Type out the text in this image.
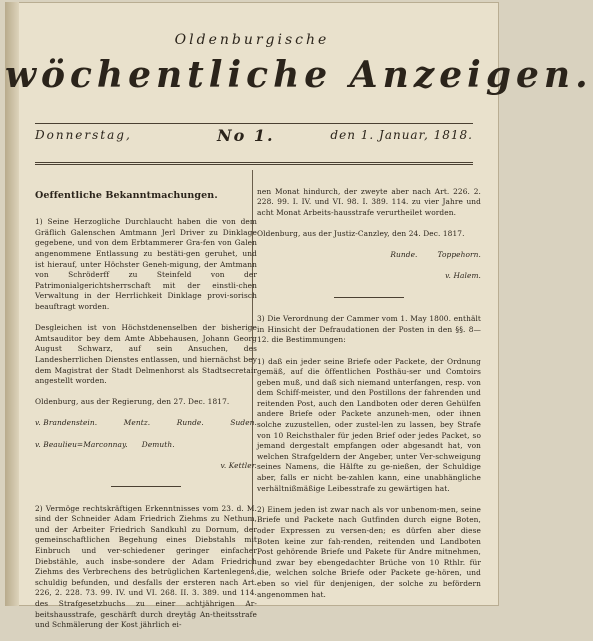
Oldenburgische
wöchentliche Anzeigen.
Donnerstag,	No 1.	den 1. Januar, 1818.

Oeffentliche Bekanntmachungen.

1) Seine Herzogliche Durchlaucht haben die von dem Gräflich Galenschen Amtmann Jerl Driver zu Dinklage gegebene, und von dem Erbtammerer Gra-fen von Galen angenommene Entlassung zu bestäti-gen geruhet, und ist hierauf, unter Höchster Geneh-migung, der Amtmann von Schröderff zu Steinfeld von der Patrimonialgerichtsherrschaft mit der einstli-chen Verwaltung in der Herrlichkeit Dinklage provi-sorisch beauftragt worden.

Desgleichen ist von Höchstdenenselben der bisherige Amtsauditor bey dem Amte Abbehausen, Johann Georg August Schwarz, auf sein Ansuchen, des Landesherrlichen Dienstes entlassen, und hiernächst bey dem Magistrat der Stadt Delmenhorst als Stadtsecretair angestellt worden.

Oldenburg, aus der Regierung, den 27. Dec. 1817.

v. Brandenstein.	Mentz.	Runde.	Suden.

v. Beaulieu=Marconnay. Demuth.

v. Kettler.

2) Vermöge rechtskräftigen Erkenntnisses vom 23. d. M. sind der Schneider Adam Friedrich Ziehms zu Nethum, und der Arbeiter Friedrich Sandkuhl zu Dornum, der gemeinschaftlichen Begehung eines Diebstahls mit Einbruch und ver-schiedener geringer einfacher Diebstähle, auch insbe-sondere der Adam Friedrich Ziehms des Verbrechens des betrüglichen Kartenlegens, schuldig befunden, und desfalls der ersteren nach Art. 226, 2. 228. 73. 99. IV. und VI. 268. II. 3. 389. und 114. des Strafgesetzbuchs zu einer achtjährigen Ar-beitshausstrafe, geschärft durch dreytäg An-theitsstrafe und Schmälerung der Kost jährlich ei-

nen Monat hindurch, der zweyte aber nach Art. 226. 2. 228. 99. I. IV. und VI. 98. I. 389. 114. zu vier Jahre und acht Monat Arbeits-hausstrafe verurtheilet worden.

Oldenburg, aus der Justiz-Canzley, den 24. Dec. 1817.

Runde.	Toppehorn.

v. Halem.

3) Die Verordnung der Cammer vom 1. May 1800. enthält in Hinsicht der Defraudationen der Posten in den §§. 8—12. die Bestimmungen:

1) daß ein jeder seine Briefe oder Packete, der Ordnung gemäß, auf die öffentlichen Posthäu-ser und Comtoirs geben muß, und daß sich niemand unterfangen, resp. von dem Schiff-meister, und den Postillons der fahrenden und reitenden Post, auch den Landboten oder deren Gehülfen andere Briefe oder Packete anzuneh-men, oder ihnen solche zuzustellen, oder zustel-len zu lassen, bey Strafe von 10 Reichsthaler für jeden Brief oder jedes Packet, so jemand dergestalt empfangen oder abgesandt hat, von welchen Strafgeldern der Angeber, unter Ver-schweigung seines Namens, die Hälfte zu ge-nießen, der Schuldige aber, falls er nicht be-zahlen kann, eine unabhängliche verhältnißmäßige Leibesstrafe zu gewärtigen hat.

2) Einem jeden ist zwar nach als vor unbenom-men, seine Briefe und Packete nach Gutfinden durch eigne Boten, oder Expressen zu versen-den; es dürfen aber diese Boten keine zur fah-renden, reitenden und Landboten Post gehörende Briefe und Pakete für Andre mitnehmen, und zwar bey ebengedachter Brüche von 10 Rthlr. für die, welchen solche Briefe oder Packete ge-hören, und eben so viel für denjenigen, der solche zu befördern angenommen hat.
